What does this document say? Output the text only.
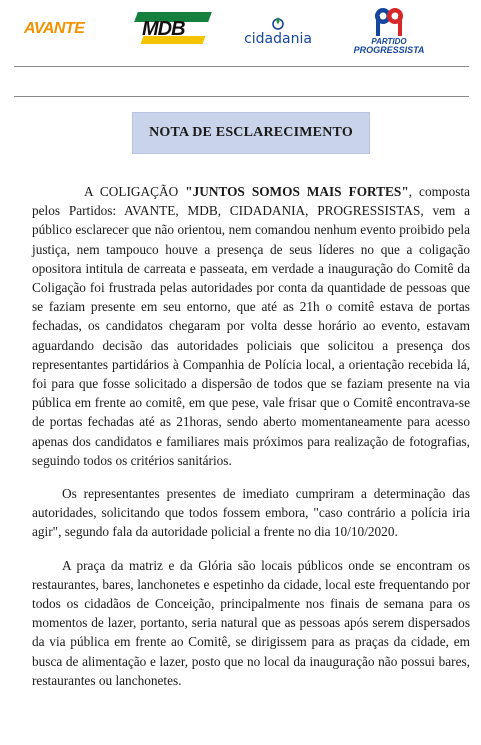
AVANTE	MDB	cidadania	PARTIDO
PROGRESSISTA
NOTA DE ESCLARECIMENTO

A COLIGAÇÃO "JUNTOS SOMOS MAIS FORTES", composta pelos Partidos: AVANTE, MDB, CIDADANIA, PROGRESSISTAS, vem a público esclarecer que não orientou, nem comandou nenhum evento proibido pela justiça, nem tampouco houve a presença de seus líderes no que a coligação opositora intitula de carreata e passeata, em verdade a inauguração do Comitê da Coligação foi frustrada pelas autoridades por conta da quantidade de pessoas que se faziam presente em seu entorno, que até as 21h o comitê estava de portas fechadas, os candidatos chegaram por volta desse horário ao evento, estavam aguardando decisão das autoridades policiais que solicitou a presença dos representantes partidários à Companhia de Polícia local, a orientação recebida lá, foi para que fosse solicitado a dispersão de todos que se faziam presente na via pública em frente ao comitê, em que pese, vale frisar que o Comitê encontrava-se de portas fechadas até as 21horas, sendo aberto momentaneamente para acesso apenas dos candidatos e familiares mais próximos para realização de fotografias, seguindo todos os critérios sanitários.

Os representantes presentes de imediato cumpriram a determinação das autoridades, solicitando que todos fossem embora, "caso contrário a polícia iria agir", segundo fala da autoridade policial a frente no dia 10/10/2020.

A praça da matriz e da Glória são locais públicos onde se encontram os restaurantes, bares, lanchonetes e espetinho da cidade, local este frequentando por todos os cidadãos de Conceição, principalmente nos finais de semana para os momentos de lazer, portanto, seria natural que as pessoas após serem dispersados da via pública em frente ao Comitê, se dirigissem para as praças da cidade, em busca de alimentação e lazer, posto que no local da inauguração não possui bares, restaurantes ou lanchonetes.
